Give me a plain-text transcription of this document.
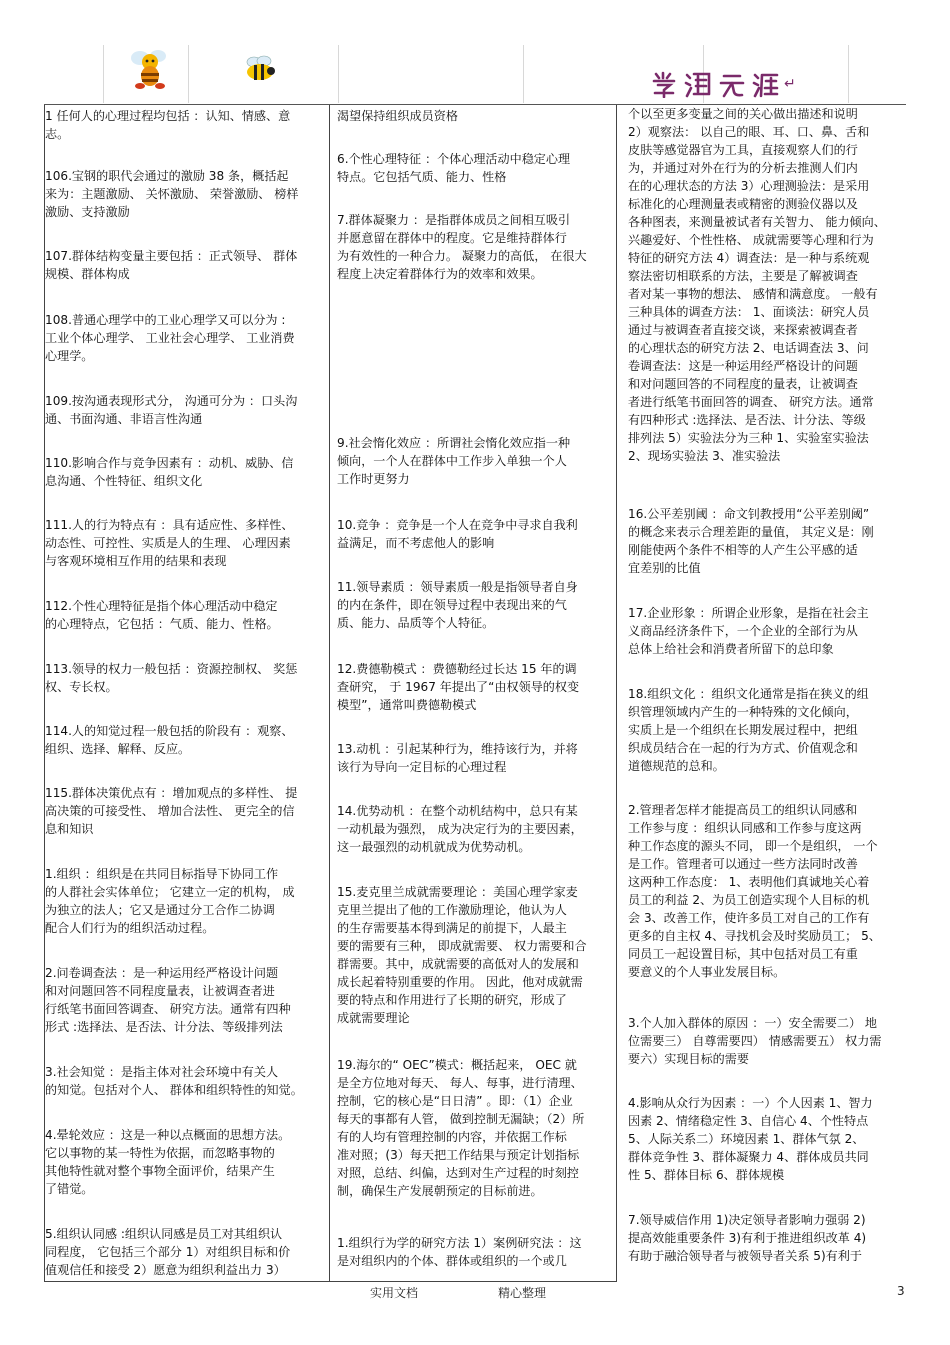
↵

1 任何人的心理过程均包括 ：认知、情感、意
志。

106.宝钢的职代会通过的激励 38 条，概括起
来为：主题激励、 关怀激励、 荣誉激励、 榜样
激励、支持激励

107.群体结构变量主要包括 ：正式领导、 群体
规模、群体构成

108.普通心理学中的工业心理学又可以分为 :
工业个体心理学、 工业社会心理学、 工业消费
心理学。

109.按沟通表现形式分， 沟通可分为 ：口头沟
通、书面沟通、非语言性沟通

110.影响合作与竞争因素有 ：动机、威胁、信
息沟通、个性特征、组织文化

111.人的行为特点有 ：具有适应性、多样性、
动态性、可控性、实质是人的生理、 心理因素
与客观环境相互作用的结果和表现

112.个性心理特征是指个体心理活动中稳定
的心理特点，它包括 ：气质、能力、性格。

113.领导的权力一般包括 ：资源控制权、 奖惩
权、专长权。

114.人的知觉过程一般包括的阶段有 ：观察、
组织、选择、解释、反应。

115.群体决策优点有 ：增加观点的多样性、 提
高决策的可接受性、 增加合法性、 更完全的信
息和知识

1.组织 ：组织是在共同目标指导下协同工作
的人群社会实体单位； 它建立一定的机构， 成
为独立的法人；它又是通过分工合作二协调
配合人们行为的组织活动过程。

2.问卷调查法 ：是一种运用经严格设计问题
和对问题回答不同程度量表，让被调查者进
行纸笔书面回答调查、 研究方法。通常有四种
形式 :选择法、是否法、计分法、等级排列法

3.社会知觉 ：是指主体对社会环境中有关人
的知觉。包括对个人、 群体和组织特性的知觉。

4.晕轮效应 ：这是一种以点概面的思想方法。
它以事物的某一特性为依据，而忽略事物的
其他特性就对整个事物全面评价，结果产生
了错觉。

5.组织认同感 :组织认同感是员工对其组织认
同程度， 它包括三个部分 1）对组织目标和价
值观信任和接受 2）愿意为组织利益出力 3）

渴望保持组织成员资格

6.个性心理特征 ：个体心理活动中稳定心理
特点。它包括气质、能力、性格

7.群体凝聚力 ：是指群体成员之间相互吸引
并愿意留在群体中的程度。它是维持群体行
为有效性的一种合力。 凝聚力的高低， 在很大
程度上决定着群体行为的效率和效果。

9.社会惰化效应 ：所谓社会惰化效应指一种
倾向，一个人在群体中工作步入单独一个人
工作时更努力

10.竞争 ：竞争是一个人在竞争中寻求自我利
益满足，而不考虑他人的影响

11.领导素质 ：领导素质一般是指领导者自身
的内在条件，即在领导过程中表现出来的气
质、能力、品质等个人特征。

12.费德勒模式 ：费德勒经过长达 15 年的调
查研究， 于 1967 年提出了“由权领导的权变
模型”，通常叫费德勒模式

13.动机 ：引起某种行为，维持该行为，并将
该行为导向一定目标的心理过程

14.优势动机 ：在整个动机结构中，总只有某
一动机最为强烈， 成为决定行为的主要因素，
这一最强烈的动机就成为优势动机。

15.麦克里兰成就需要理论 ：美国心理学家麦
克里兰提出了他的工作激励理论，他认为人
的生存需要基本得到满足的前提下，人最主
要的需要有三种， 即成就需要、 权力需要和合
群需要。其中，成就需要的高低对人的发展和
成长起着特别重要的作用。 因此，他对成就需
要的特点和作用进行了长期的研究，形成了
成就需要理论

19.海尔的“ OEC”模式：概括起来， OEC 就
是全方位地对每天、 每人、每事，进行清理、
控制，它的核心是“日日清” 。即：（1）企业
每天的事都有人管， 做到控制无漏缺；（2）所
有的人均有管理控制的内容，并依据工作标
准对照；(3）每天把工作结果与预定计划指标
对照，总结、纠偏，达到对生产过程的时刻控
制，确保生产发展朝预定的目标前进。

1.组织行为学的研究方法 1）案例研究法 ：这
是对组织内的个体、群体或组织的一个或几

个以至更多变量之间的关心做出描述和说明
2）观察法： 以自己的眼、耳、口、鼻、舌和
皮肤等感觉器官为工具，直接观察人们的行
为，并通过对外在行为的分析去推测人们内
在的心理状态的方法 3）心理测验法：是采用
标准化的心理测量表或精密的测验仪器以及
各种图表，来测量被试者有关智力、 能力倾向、
兴趣爱好、个性性格、 成就需要等心理和行为
特征的研究方法 4）调查法：是一种与系统观
察法密切相联系的方法，主要是了解被调查
者对某一事物的想法、 感情和满意度。 一般有
三种具体的调查方法： 1、面谈法：研究人员
通过与被调查者直接交谈，来探索被调查者
的心理状态的研究方法 2、电话调查法 3、问
卷调查法：这是一种运用经严格设计的问题
和对问题回答的不同程度的量表，让被调查
者进行纸笔书面回答的调查、 研究方法。通常
有四种形式 :选择法、是否法、计分法、等级
排列法 5）实验法分为三种 1、实验室实验法
2、现场实验法 3、准实验法

16.公平差别阈 ：命文钊教授用“公平差别阈”
的概念来表示合理差距的量值， 其定义是：刚
刚能使两个条件不相等的人产生公平感的适
宜差别的比值

17.企业形象 ：所谓企业形象，是指在社会主
义商品经济条件下，一个企业的全部行为从
总体上给社会和消费者所留下的总印象

18.组织文化 ：组织文化通常是指在狭义的组
织管理领域内产生的一种特殊的文化倾向，
实质上是一个组织在长期发展过程中，把组
织成员结合在一起的行为方式、价值观念和
道德规范的总和。

2.管理者怎样才能提高员工的组织认同感和
工作参与度 ：组织认同感和工作参与度这两
种工作态度的源头不同， 即一个是组织， 一个
是工作。管理者可以通过一些方法同时改善
这两种工作态度： 1、表明他们真诚地关心着
员工的利益 2、为员工创造实现个人目标的机
会 3、改善工作，使许多员工对自己的工作有
更多的自主权 4、寻找机会及时奖励员工； 5、
同员工一起设置目标，其中包括对员工有重
要意义的个人事业发展目标。

3.个人加入群体的原因 ：一）安全需要二） 地
位需要三） 自尊需要四） 情感需要五） 权力需
要六）实现目标的需要

4.影响从众行为因素 ：一）个人因素 1、智力
因素 2、情绪稳定性 3、自信心 4、个性特点
5、人际关系二）环境因素 1、群体气氛 2、
群体竞争性 3、群体凝聚力 4、群体成员共同
性 5、群体目标 6、群体规模

7.领导威信作用 1)决定领导者影响力强弱 2)
提高效能重要条件 3)有利于推进组织改革 4)
有助于融洽领导者与被领导者关系 5)有利于

实用文档	精心整理	3
